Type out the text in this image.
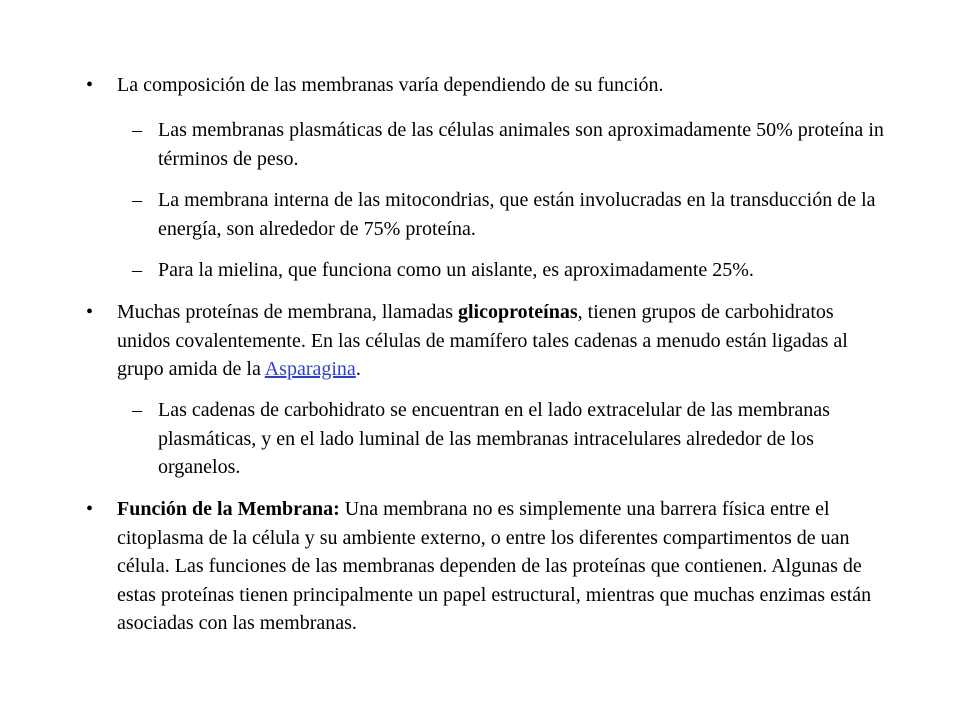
• La composición de las membranas varía dependiendo de su función.
– Las membranas plasmáticas de las células animales son aproximadamente 50% proteína in términos de peso.
– La membrana interna de las mitocondrias, que están involucradas en la transducción de la energía, son alrededor de 75% proteína.
– Para la mielina, que funciona como un aislante, es aproximadamente 25%.
• Muchas proteínas de membrana, llamadas glicoproteínas, tienen grupos de carbohidratos unidos covalentemente. En las células de mamífero tales cadenas a menudo están ligadas al grupo amida de la Asparagina.
– Las cadenas de carbohidrato se encuentran en el lado extracelular de las membranas plasmáticas, y en el lado luminal de las membranas intracelulares alrededor de los organelos.
• Función de la Membrana: Una membrana no es simplemente una barrera física entre el citoplasma de la célula y su ambiente externo, o entre los diferentes compartimentos de uan célula. Las funciones de las membranas dependen de las proteínas que contienen. Algunas de estas proteínas tienen principalmente un papel estructural, mientras que muchas enzimas están asociadas con las membranas.
